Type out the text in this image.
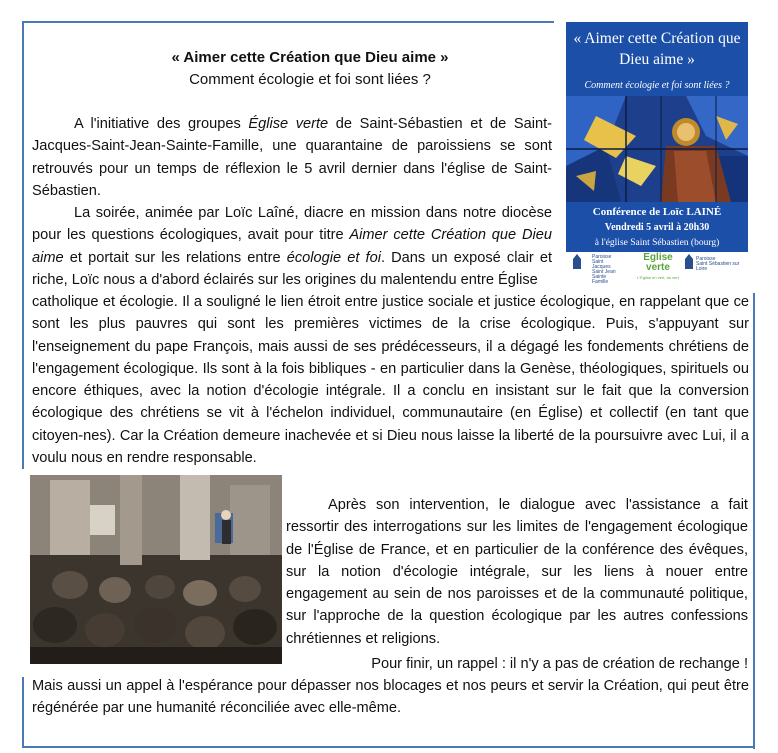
« Aimer cette Création que Dieu aime »
Comment écologie et foi sont liées ?

A l'initiative des groupes Église verte de Saint-Sébastien et de Saint-Jacques-Saint-Jean-Sainte-Famille, une quarantaine de paroissiens se sont retrouvés pour un temps de réflexion le 5 avril dernier dans l'église de Saint-Sébastien.

La soirée, animée par Loïc Laîné, diacre en mission dans notre diocèse pour les questions écologiques, avait pour titre Aimer cette Création que Dieu aime et portait sur les relations entre écologie et foi. Dans un exposé clair et riche, Loïc nous a d'abord éclairés sur les origines du malentendu entre Église

catholique et écologie. Il a souligné le lien étroit entre justice sociale et justice écologique, en rappelant que ce sont les plus pauvres qui sont les premières victimes de la crise écologique. Puis, s'appuyant sur l'enseignement du pape François, mais aussi de ses prédécesseurs, il a dégagé les fondements chrétiens de l'engagement écologique. Ils sont à la fois bibliques - en particulier dans la Genèse, théologiques, spirituels ou encore éthiques, avec la notion d'écologie intégrale. Il a conclu en insistant sur le fait que la conversion écologique des chrétiens se vit à l'échelon individuel, communautaire (en Église) et collectif (en tant que citoyen-nes). Car la Création demeure inachevée et si Dieu nous laisse la liberté de la poursuivre avec Lui, il a voulu nous en rendre responsable.

« Aimer cette Création que Dieu aime »
Comment écologie et foi sont liées ?
Conférence de Loïc LAINÉ
Vendredi 5 avril à 20h30
à l'église Saint Sébastien (bourg)
Paroisse Saint Jacques Saint Jean Sainte Famille
Eglise
verte
L'Église en vert, du vert
Paroisse
Saint Sébastien sur Loire

Après son intervention, le dialogue avec l'assistance a fait ressortir des interrogations sur les limites de l'engagement écologique de l'Église de France, et en particulier de la conférence des évêques, sur la notion d'écologie intégrale, sur les liens à nouer entre engagement au sein de nos paroisses et de la communauté politique, sur l'approche de la question écologique par les autres confessions chrétiennes et religions.

Pour finir, un rappel : il n'y a pas de création de rechange !

Mais aussi un appel à l'espérance pour dépasser nos blocages et nos peurs et servir la Création, qui peut être régénérée par une humanité réconciliée avec elle-même.
